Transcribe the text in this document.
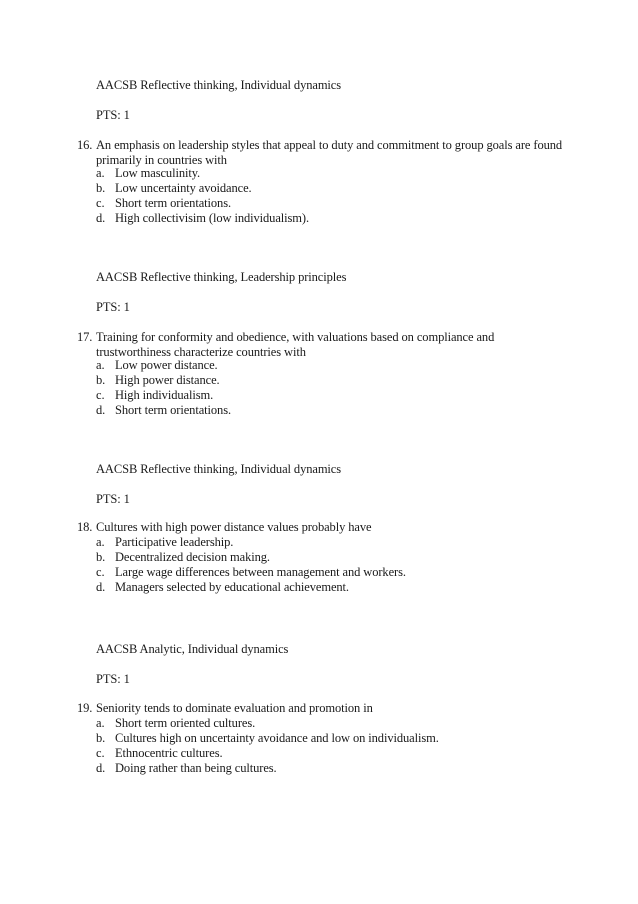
AACSB Reflective thinking, Individual dynamics
PTS: 1
16. An emphasis on leadership styles that appeal to duty and commitment to group goals are found primarily in countries with
a. Low masculinity.
b. Low uncertainty avoidance.
c. Short term orientations.
d. High collectivisim (low individualism).
AACSB Reflective thinking, Leadership principles
PTS: 1
17. Training for conformity and obedience, with valuations based on compliance and trustworthiness characterize countries with
a. Low power distance.
b. High power distance.
c. High individualism.
d. Short term orientations.
AACSB Reflective thinking, Individual dynamics
PTS: 1
18. Cultures with high power distance values probably have
a. Participative leadership.
b. Decentralized decision making.
c. Large wage differences between management and workers.
d. Managers selected by educational achievement.
AACSB Analytic, Individual dynamics
PTS: 1
19. Seniority tends to dominate evaluation and promotion in
a. Short term oriented cultures.
b. Cultures high on uncertainty avoidance and low on individualism.
c. Ethnocentric cultures.
d. Doing rather than being cultures.
